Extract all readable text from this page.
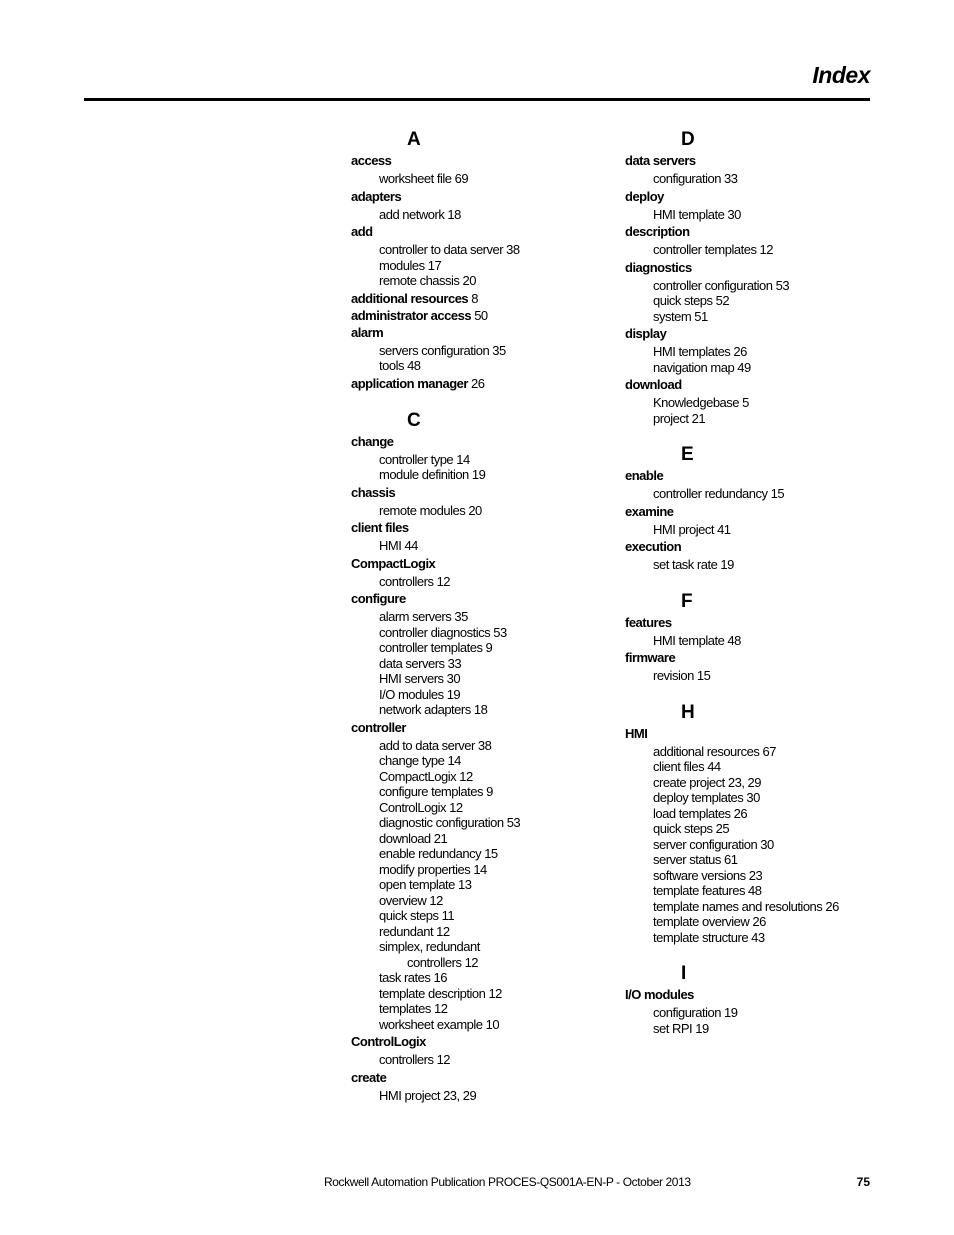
Index
A
access
worksheet file 69
adapters
add network 18
add
controller to data server 38
modules 17
remote chassis 20
additional resources 8
administrator access 50
alarm
servers configuration 35
tools 48
application manager 26
C
change
controller type 14
module definition 19
chassis
remote modules 20
client files
HMI 44
CompactLogix
controllers 12
configure
alarm servers 35
controller diagnostics 53
controller templates 9
data servers 33
HMI servers 30
I/O modules 19
network adapters 18
controller
add to data server 38
change type 14
CompactLogix 12
configure templates 9
ControlLogix 12
diagnostic configuration 53
download 21
enable redundancy 15
modify properties 14
open template 13
overview 12
quick steps 11
redundant 12
simplex, redundant
controllers 12
task rates 16
template description 12
templates 12
worksheet example 10
ControlLogix
controllers 12
create
HMI project 23, 29
D
data servers
configuration 33
deploy
HMI template 30
description
controller templates 12
diagnostics
controller configuration 53
quick steps 52
system 51
display
HMI templates 26
navigation map 49
download
Knowledgebase 5
project 21
E
enable
controller redundancy 15
examine
HMI project 41
execution
set task rate 19
F
features
HMI template 48
firmware
revision 15
H
HMI
additional resources 67
client files 44
create project 23, 29
deploy templates 30
load templates 26
quick steps 25
server configuration 30
server status 61
software versions 23
template features 48
template names and resolutions 26
template overview 26
template structure 43
I
I/O modules
configuration 19
set RPI 19
Rockwell Automation Publication PROCES-QS001A-EN-P - October 2013	75
